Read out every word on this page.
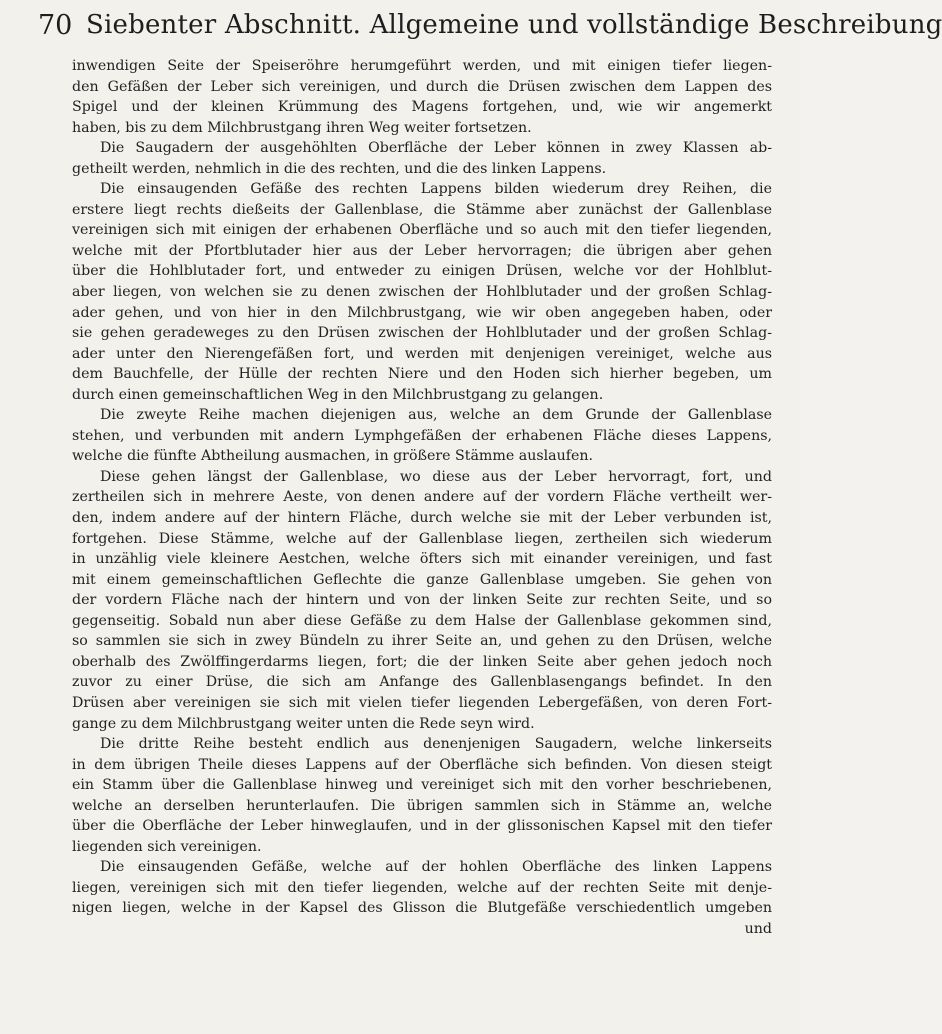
70 Siebenter Abschnitt. Allgemeine und vollständige Beschreibung
inwendigen Seite der Speiseröhre herumgeführt werden, und mit einigen tiefer liegen-
den Gefäßen der Leber sich vereinigen, und durch die Drüsen zwischen dem Lappen des
Spigel und der kleinen Krümmung des Magens fortgehen, und, wie wir angemerkt
haben, bis zu dem Milchbrustgang ihren Weg weiter fortsetzen.
Die Saugadern der ausgehöhlten Oberfläche der Leber können in zwey Klassen ab-
getheilt werden, nehmlich in die des rechten, und die des linken Lappens.
Die einsaugenden Gefäße des rechten Lappens bilden wiederum drey Reihen, die
erstere liegt rechts dießeits der Gallenblase, die Stämme aber zunächst der Gallenblase
vereinigen sich mit einigen der erhabenen Oberfläche und so auch mit den tiefer liegenden,
welche mit der Pfortblutader hier aus der Leber hervorragen; die übrigen aber gehen
über die Hohlblutader fort, und entweder zu einigen Drüsen, welche vor der Hohlblut-
aber liegen, von welchen sie zu denen zwischen der Hohlblutader und der großen Schlag-
ader gehen, und von hier in den Milchbrustgang, wie wir oben angegeben haben, oder
sie gehen geradeweges zu den Drüsen zwischen der Hohlblutader und der großen Schlag-
ader unter den Nierengefäßen fort, und werden mit denjenigen vereiniget, welche aus
dem Bauchfelle, der Hülle der rechten Niere und den Hoden sich hierher begeben, um
durch einen gemeinschaftlichen Weg in den Milchbrustgang zu gelangen.
Die zweyte Reihe machen diejenigen aus, welche an dem Grunde der Gallenblase
stehen, und verbunden mit andern Lymphgefäßen der erhabenen Fläche dieses Lappens,
welche die fünfte Abtheilung ausmachen, in größere Stämme auslaufen.
Diese gehen längst der Gallenblase, wo diese aus der Leber hervorragt, fort, und
zertheilen sich in mehrere Aeste, von denen andere auf der vordern Fläche vertheilt wer-
den, indem andere auf der hintern Fläche, durch welche sie mit der Leber verbunden ist,
fortgehen. Diese Stämme, welche auf der Gallenblase liegen, zertheilen sich wiederum
in unzählig viele kleinere Aestchen, welche öfters sich mit einander vereinigen, und fast
mit einem gemeinschaftlichen Geflechte die ganze Gallenblase umgeben. Sie gehen von
der vordern Fläche nach der hintern und von der linken Seite zur rechten Seite, und so
gegenseitig. Sobald nun aber diese Gefäße zu dem Halse der Gallenblase gekommen sind,
so sammlen sie sich in zwey Bündeln zu ihrer Seite an, und gehen zu den Drüsen, welche
oberhalb des Zwölffingerdarms liegen, fort; die der linken Seite aber gehen jedoch noch
zuvor zu einer Drüse, die sich am Anfange des Gallenblasengangs befindet. In den
Drüsen aber vereinigen sie sich mit vielen tiefer liegenden Lebergefäßen, von deren Fort-
gange zu dem Milchbrustgang weiter unten die Rede seyn wird.
Die dritte Reihe besteht endlich aus denenjenigen Saugadern, welche linkerseits
in dem übrigen Theile dieses Lappens auf der Oberfläche sich befinden. Von diesen steigt
ein Stamm über die Gallenblase hinweg und vereiniget sich mit den vorher beschriebenen,
welche an derselben herunterlaufen. Die übrigen sammlen sich in Stämme an, welche
über die Oberfläche der Leber hinweglaufen, und in der glissonischen Kapsel mit den tiefer
liegenden sich vereinigen.
Die einsaugenden Gefäße, welche auf der hohlen Oberfläche des linken Lappens
liegen, vereinigen sich mit den tiefer liegenden, welche auf der rechten Seite mit denje-
nigen liegen, welche in der Kapsel des Glisson die Blutgefäße verschiedentlich umgeben
und
